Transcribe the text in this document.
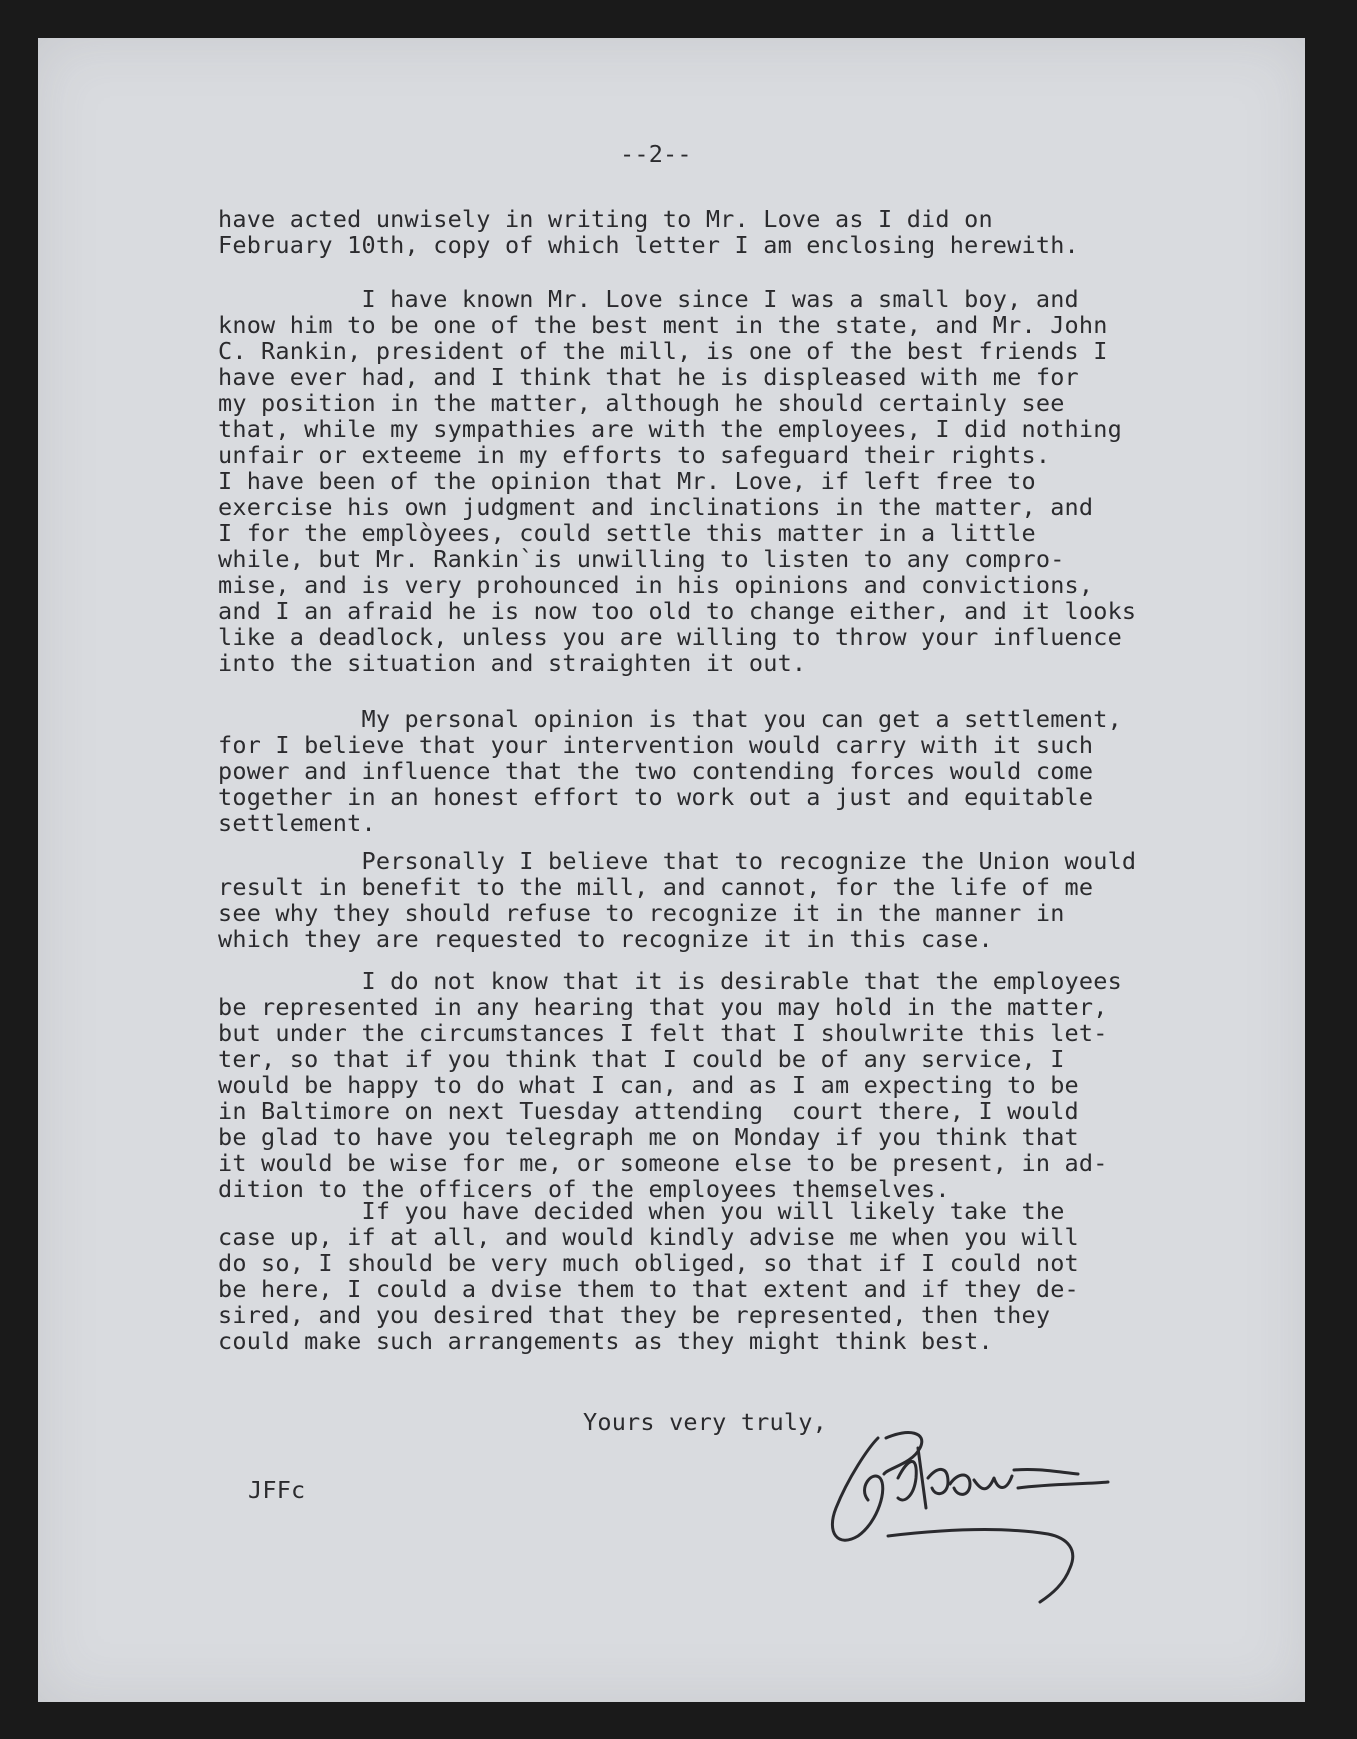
--2--
have acted unwisely in writing to Mr. Love as I did on
February 10th, copy of which letter I am enclosing herewith.
I have known Mr. Love since I was a small boy, and
know him to be one of the best ment in the state, and Mr. John
C. Rankin, president of the mill, is one of the best friends I
have ever had, and I think that he is displeased with me for
my position in the matter, although he should certainly see
that, while my sympathies are with the employees, I did nothing
unfair or exteeme in my efforts to safeguard their rights.
I have been of the opinion that Mr. Love, if left free to
exercise his own judgment and inclinations in the matter, and
I for the emplòyees, could settle this matter in a little
while, but Mr. Rankin`is unwilling to listen to any compro-
mise, and is very prohounced in his opinions and convictions,
and I an afraid he is now too old to change either, and it looks
like a deadlock, unless you are willing to throw your influence
into the situation and straighten it out.
My personal opinion is that you can get a settlement,
for I believe that your intervention would carry with it such
power and influence that the two contending forces would come
together in an honest effort to work out a just and equitable
settlement.
Personally I believe that to recognize the Union would
result in benefit to the mill, and cannot, for the life of me
see why they should refuse to recognize it in the manner in
which they are requested to recognize it in this case.
I do not know that it is desirable that the employees
be represented in any hearing that you may hold in the matter,
but under the circumstances I felt that I shoulwrite this let-
ter, so that if you think that I could be of any service, I
would be happy to do what I can, and as I am expecting to be
in Baltimore on next Tuesday attending  court there, I would
be glad to have you telegraph me on Monday if you think that
it would be wise for me, or someone else to be present, in ad-
dition to the officers of the employees themselves.
If you have decided when you will likely take the
case up, if at all, and would kindly advise me when you will
do so, I should be very much obliged, so that if I could not
be here, I could a dvise them to that extent and if they de-
sired, and you desired that they be represented, then they
could make such arrangements as they might think best.
Yours very truly,
JFFc
